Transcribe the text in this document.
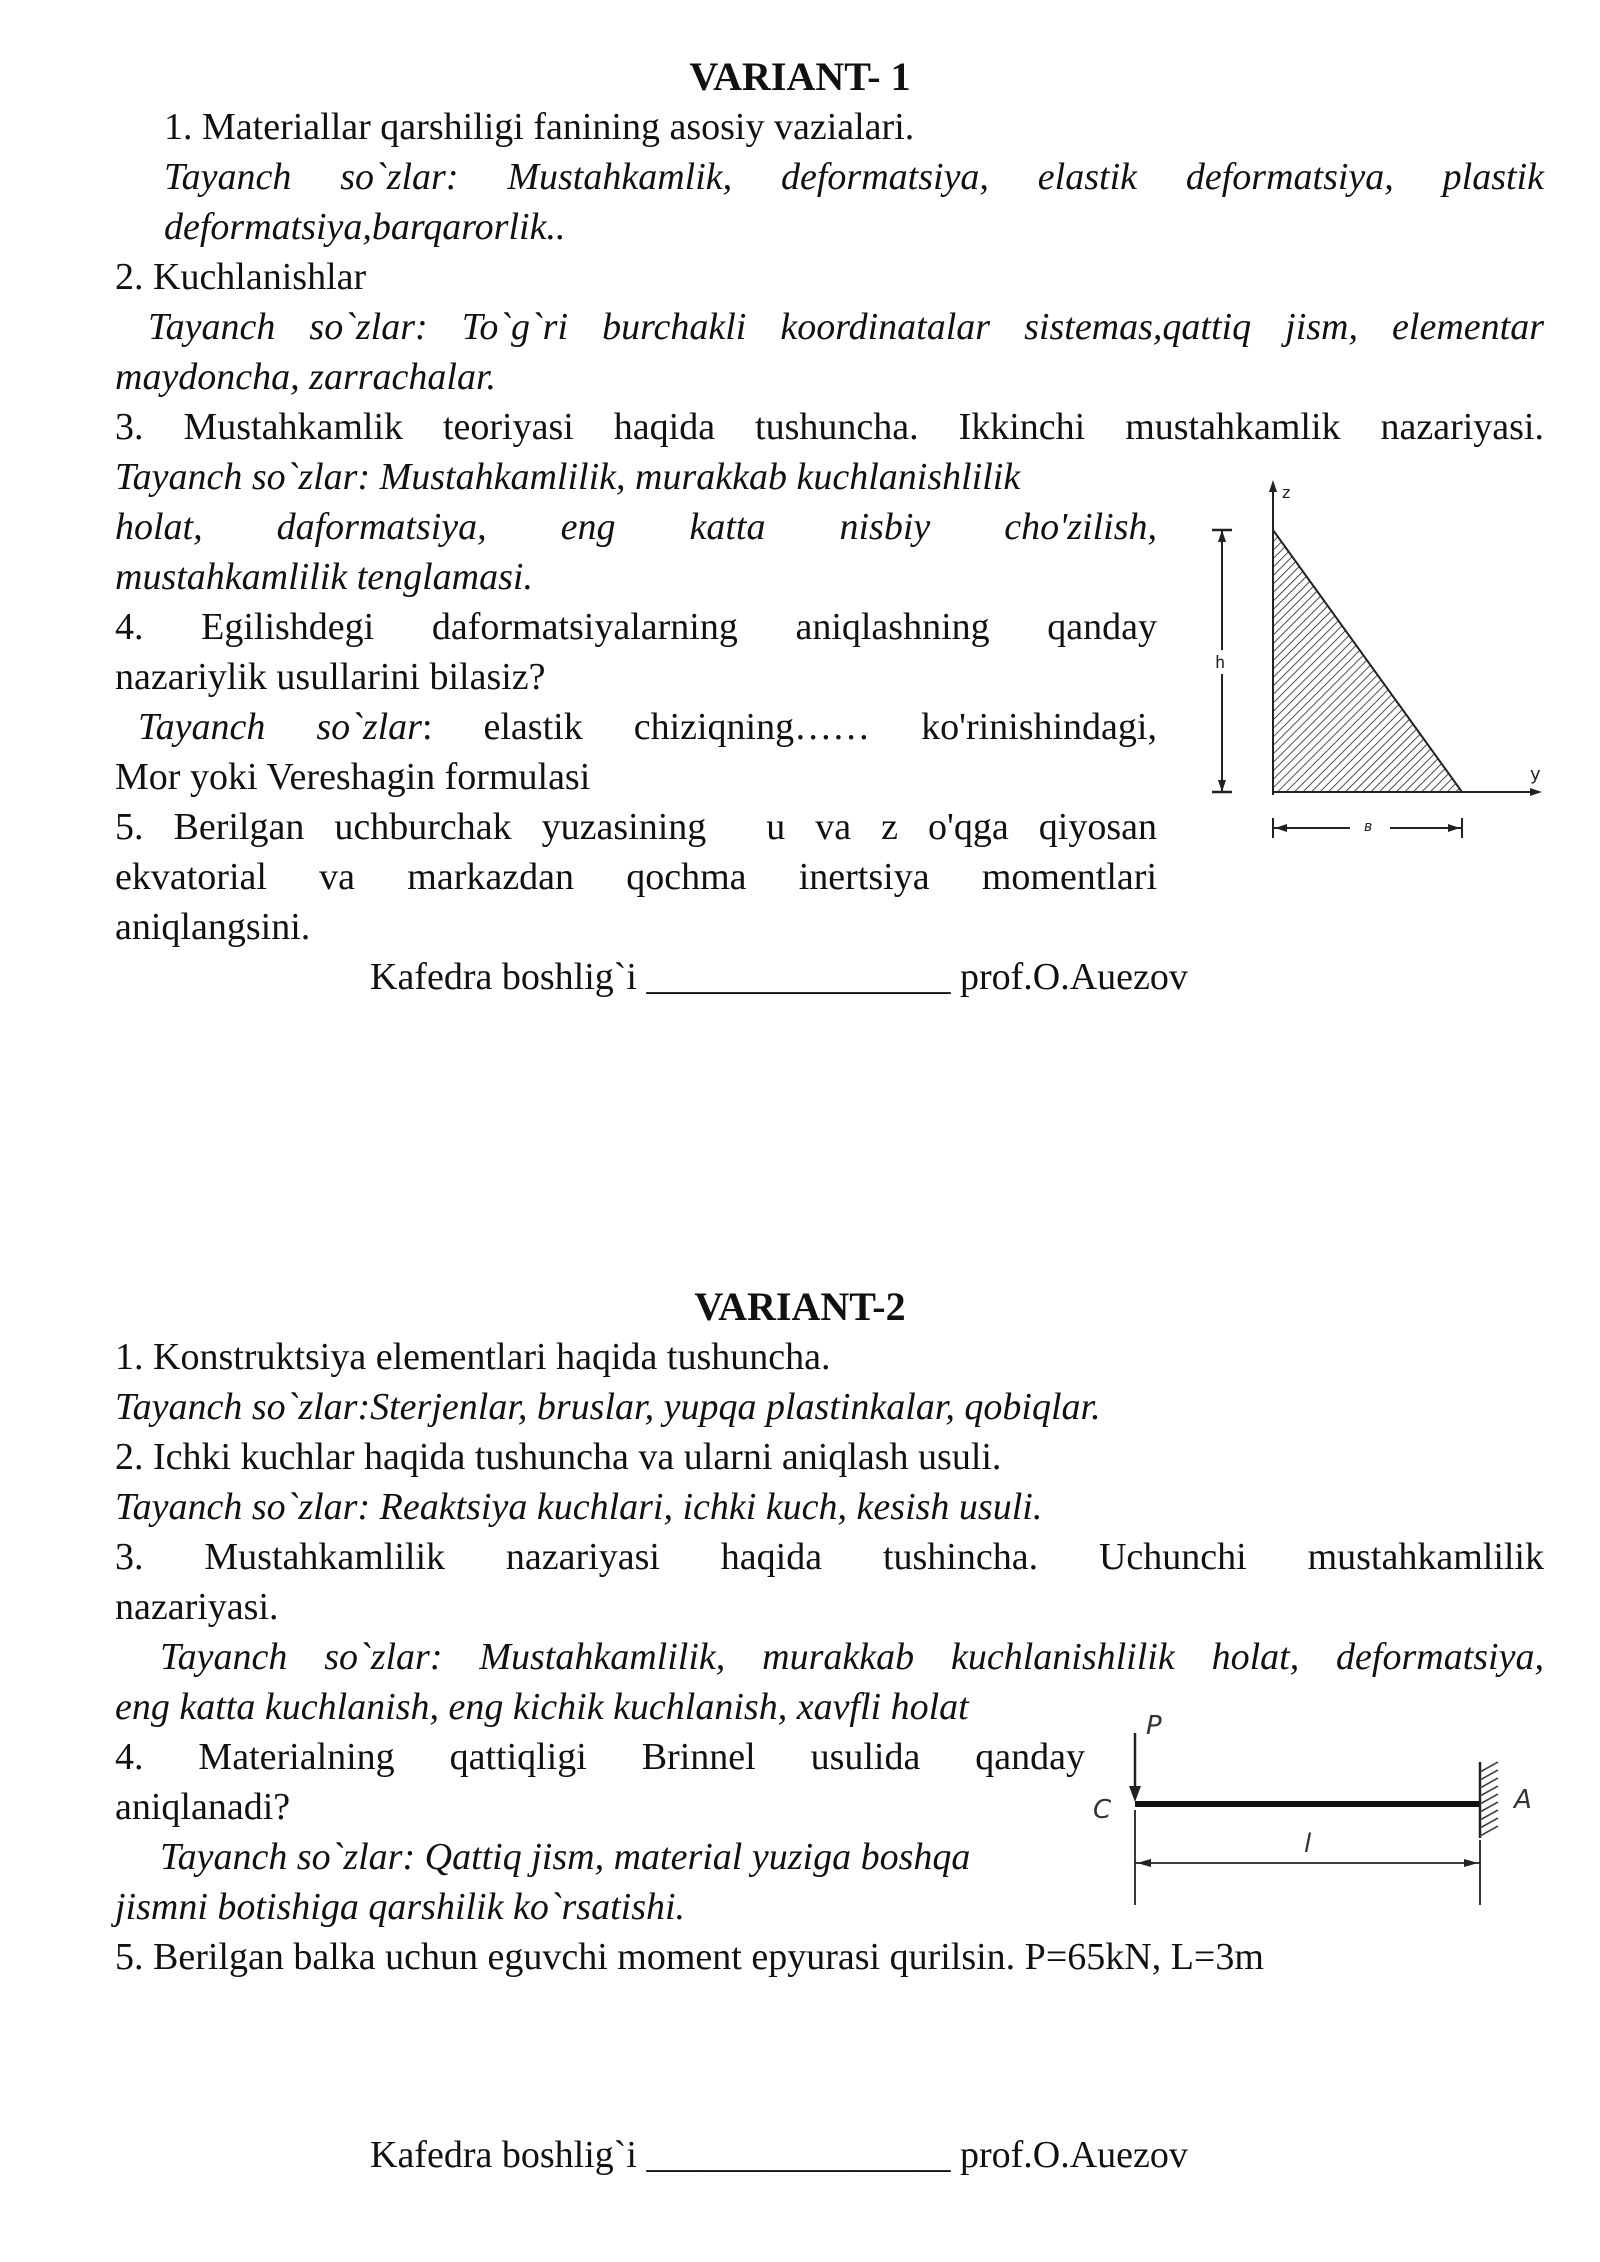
VARIANT- 1
1. Materiallar qarshiligi fanining asosiy vazialari.
Tayanch so`zlar: Mustahkamlik, deformatsiya, elastik deformatsiya, plastik
deformatsiya,barqarorlik..
2. Kuchlanishlar
Tayanch so`zlar: To`g`ri burchakli koordinatalar sistemas,qattiq jism, elementar
maydoncha, zarrachalar.
3. Mustahkamlik teoriyasi haqida tushuncha. Ikkinchi mustahkamlik nazariyasi.
Tayanch so`zlar: Mustahkamlilik, murakkab kuchlanishlilik
holat, daformatsiya, eng katta nisbiy cho'zilish,
mustahkamlilik tenglamasi.
4. Egilishdegi daformatsiyalarning aniqlashning qanday
nazariylik usullarini bilasiz?
Tayanch so`zlar: elastik chiziqning…… ko'rinishindagi,
Mor yoki Vereshagin formulasi
5. Berilgan uchburchak yuzasining  u va z o'qga qiyosan
ekvatorial va markazdan qochma inertsiya momentlari
aniqlangsini.
Kafedra boshlig`i ________________ prof.O.Auezov
z
y
h
в
VARIANT-2
1. Konstruktsiya elementlari haqida tushuncha.
Tayanch so`zlar:Sterjenlar, bruslar, yupqa plastinkalar, qobiqlar.
2. Ichki kuchlar haqida tushuncha va ularni aniqlash usuli.
Tayanch so`zlar: Reaktsiya kuchlari, ichki kuch, kesish usuli.
3. Mustahkamlilik nazariyasi haqida tushincha. Uchunchi mustahkamlilik
nazariyasi.
Tayanch so`zlar: Mustahkamlilik, murakkab kuchlanishlilik holat, deformatsiya,
eng katta kuchlanish, eng kichik kuchlanish, xavfli holat
4. Materialning qattiqligi Brinnel usulida qanday
aniqlanadi?
Tayanch so`zlar: Qattiq jism, material yuziga boshqa
jismni botishiga qarshilik ko`rsatishi.
5. Berilgan balka uchun eguvchi moment epyurasi qurilsin. P=65kN, L=3m
Kafedra boshlig`i ________________ prof.O.Auezov
P
C	A
l
